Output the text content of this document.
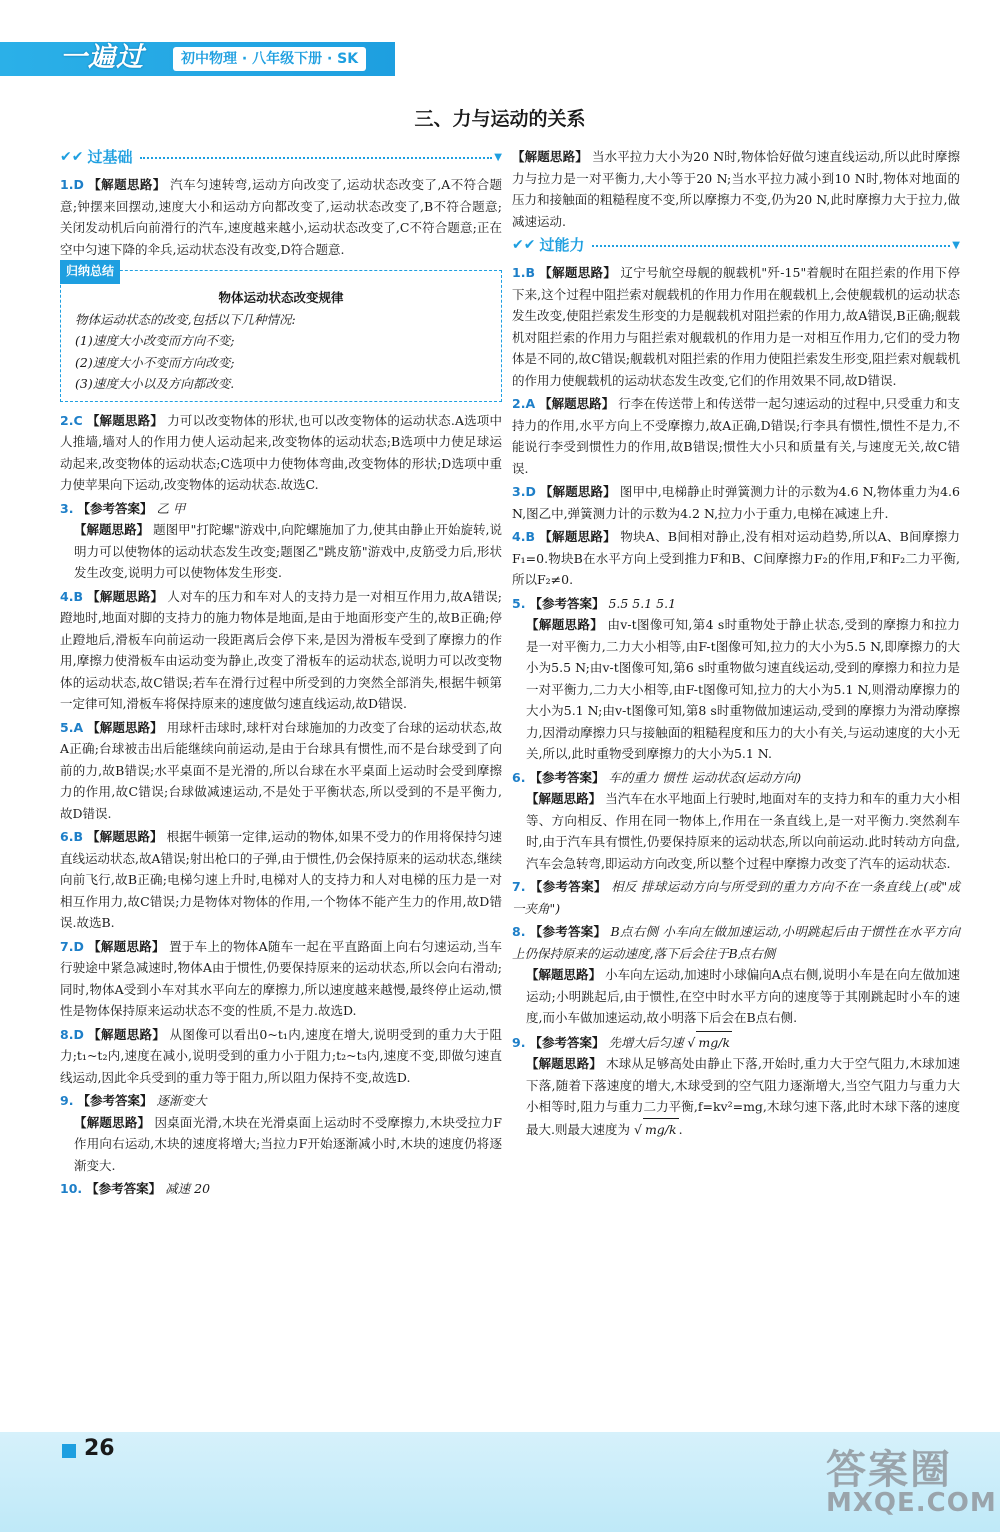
一遍过	初中物理 · 八年级下册 · SK
三、力与运动的关系
✔✔ 过基础	▼
1.D 【解题思路】 汽车匀速转弯,运动方向改变了,运动状态改变了,A不符合题意;钟摆来回摆动,速度大小和运动方向都改变了,运动状态改变了,B不符合题意;关闭发动机后向前滑行的汽车,速度越来越小,运动状态改变了,C不符合题意;正在空中匀速下降的伞兵,运动状态没有改变,D符合题意.
归纳总结
物体运动状态改变规律
物体运动状态的改变,包括以下几种情况:
(1)速度大小改变而方向不变;
(2)速度大小不变而方向改变;
(3)速度大小以及方向都改变.
2.C 【解题思路】 力可以改变物体的形状,也可以改变物体的运动状态.A选项中人推墙,墙对人的作用力使人运动起来,改变物体的运动状态;B选项中力使足球运动起来,改变物体的运动状态;C选项中力使物体弯曲,改变物体的形状;D选项中重力使苹果向下运动,改变物体的运动状态.故选C.
3. 【参考答案】 乙 甲
【解题思路】 题图甲"打陀螺"游戏中,向陀螺施加了力,使其由静止开始旋转,说明力可以使物体的运动状态发生改变;题图乙"跳皮筋"游戏中,皮筋受力后,形状发生改变,说明力可以使物体发生形变.
4.B 【解题思路】 人对车的压力和车对人的支持力是一对相互作用力,故A错误;蹬地时,地面对脚的支持力的施力物体是地面,是由于地面形变产生的,故B正确;停止蹬地后,滑板车向前运动一段距离后会停下来,是因为滑板车受到了摩擦力的作用,摩擦力使滑板车由运动变为静止,改变了滑板车的运动状态,说明力可以改变物体的运动状态,故C错误;若车在滑行过程中所受到的力突然全部消失,根据牛顿第一定律可知,滑板车将保持原来的速度做匀速直线运动,故D错误.
5.A 【解题思路】 用球杆击球时,球杆对台球施加的力改变了台球的运动状态,故A正确;台球被击出后能继续向前运动,是由于台球具有惯性,而不是台球受到了向前的力,故B错误;水平桌面不是光滑的,所以台球在水平桌面上运动时会受到摩擦力的作用,故C错误;台球做减速运动,不是处于平衡状态,所以受到的不是平衡力,故D错误.
6.B 【解题思路】 根据牛顿第一定律,运动的物体,如果不受力的作用将保持匀速直线运动状态,故A错误;射出枪口的子弹,由于惯性,仍会保持原来的运动状态,继续向前飞行,故B正确;电梯匀速上升时,电梯对人的支持力和人对电梯的压力是一对相互作用力,故C错误;力是物体对物体的作用,一个物体不能产生力的作用,故D错误.故选B.
7.D 【解题思路】 置于车上的物体A随车一起在平直路面上向右匀速运动,当车行驶途中紧急减速时,物体A由于惯性,仍要保持原来的运动状态,所以会向右滑动;同时,物体A受到小车对其水平向左的摩擦力,所以速度越来越慢,最终停止运动,惯性是物体保持原来运动状态不变的性质,不是力.故选D.
8.D 【解题思路】 从图像可以看出0~t₁内,速度在增大,说明受到的重力大于阻力;t₁~t₂内,速度在减小,说明受到的重力小于阻力;t₂~t₃内,速度不变,即做匀速直线运动,因此伞兵受到的重力等于阻力,所以阻力保持不变,故选D.
9. 【参考答案】 逐渐变大
【解题思路】 因桌面光滑,木块在光滑桌面上运动时不受摩擦力,木块受拉力F作用向右运动,木块的速度将增大;当拉力F开始逐渐减小时,木块的速度仍将逐渐变大.
10. 【参考答案】 减速 20
【解题思路】 当水平拉力大小为20 N时,物体恰好做匀速直线运动,所以此时摩擦力与拉力是一对平衡力,大小等于20 N;当水平拉力减小到10 N时,物体对地面的压力和接触面的粗糙程度不变,所以摩擦力不变,仍为20 N,此时摩擦力大于拉力,做减速运动.
✔✔ 过能力	▼
1.B 【解题思路】 辽宁号航空母舰的舰载机"歼-15"着舰时在阻拦索的作用下停下来,这个过程中阻拦索对舰载机的作用力作用在舰载机上,会使舰载机的运动状态发生改变,使阻拦索发生形变的力是舰载机对阻拦索的作用力,故A错误,B正确;舰载机对阻拦索的作用力与阻拦索对舰载机的作用力是一对相互作用力,它们的受力物体是不同的,故C错误;舰载机对阻拦索的作用力使阻拦索发生形变,阻拦索对舰载机的作用力使舰载机的运动状态发生改变,它们的作用效果不同,故D错误.
2.A 【解题思路】 行李在传送带上和传送带一起匀速运动的过程中,只受重力和支持力的作用,水平方向上不受摩擦力,故A正确,D错误;行李具有惯性,惯性不是力,不能说行李受到惯性力的作用,故B错误;惯性大小只和质量有关,与速度无关,故C错误.
3.D 【解题思路】 图甲中,电梯静止时弹簧测力计的示数为4.6 N,物体重力为4.6 N,图乙中,弹簧测力计的示数为4.2 N,拉力小于重力,电梯在减速上升.
4.B 【解题思路】 物块A、B间相对静止,没有相对运动趋势,所以A、B间摩擦力F₁=0.物块B在水平方向上受到推力F和B、C间摩擦力F₂的作用,F和F₂二力平衡,所以F₂≠0.
5. 【参考答案】 5.5 5.1 5.1
【解题思路】 由v-t图像可知,第4 s时重物处于静止状态,受到的摩擦力和拉力是一对平衡力,二力大小相等,由F-t图像可知,拉力的大小为5.5 N,即摩擦力的大小为5.5 N;由v-t图像可知,第6 s时重物做匀速直线运动,受到的摩擦力和拉力是一对平衡力,二力大小相等,由F-t图像可知,拉力的大小为5.1 N,则滑动摩擦力的大小为5.1 N;由v-t图像可知,第8 s时重物做加速运动,受到的摩擦力为滑动摩擦力,因滑动摩擦力只与接触面的粗糙程度和压力的大小有关,与运动速度的大小无关,所以,此时重物受到摩擦力的大小为5.1 N.
6. 【参考答案】 车的重力 惯性 运动状态(运动方向)
【解题思路】 当汽车在水平地面上行驶时,地面对车的支持力和车的重力大小相等、方向相反、作用在同一物体上,作用在一条直线上,是一对平衡力.突然刹车时,由于汽车具有惯性,仍要保持原来的运动状态,所以向前运动.此时转动方向盘,汽车会急转弯,即运动方向改变,所以整个过程中摩擦力改变了汽车的运动状态.
7. 【参考答案】 相反 排球运动方向与所受到的重力方向不在一条直线上(或"成一夹角")
8. 【参考答案】 B点右侧 小车向左做加速运动,小明跳起后由于惯性在水平方向上仍保持原来的运动速度,落下后会往于B点右侧
【解题思路】 小车向左运动,加速时小球偏向A点右侧,说明小车是在向左做加速运动;小明跳起后,由于惯性,在空中时水平方向的速度等于其刚跳起时小车的速度,而小车做加速运动,故小明落下后会在B点右侧.
9. 【参考答案】 先增大后匀速 √ mg/k
【解题思路】 木球从足够高处由静止下落,开始时,重力大于空气阻力,木球加速下落,随着下落速度的增大,木球受到的空气阻力逐渐增大,当空气阻力与重力大小相等时,阻力与重力二力平衡,f=kv²=mg,木球匀速下落,此时木球下落的速度最大.则最大速度为 √ mg/k .
26	答案圈
MXQE.COM
